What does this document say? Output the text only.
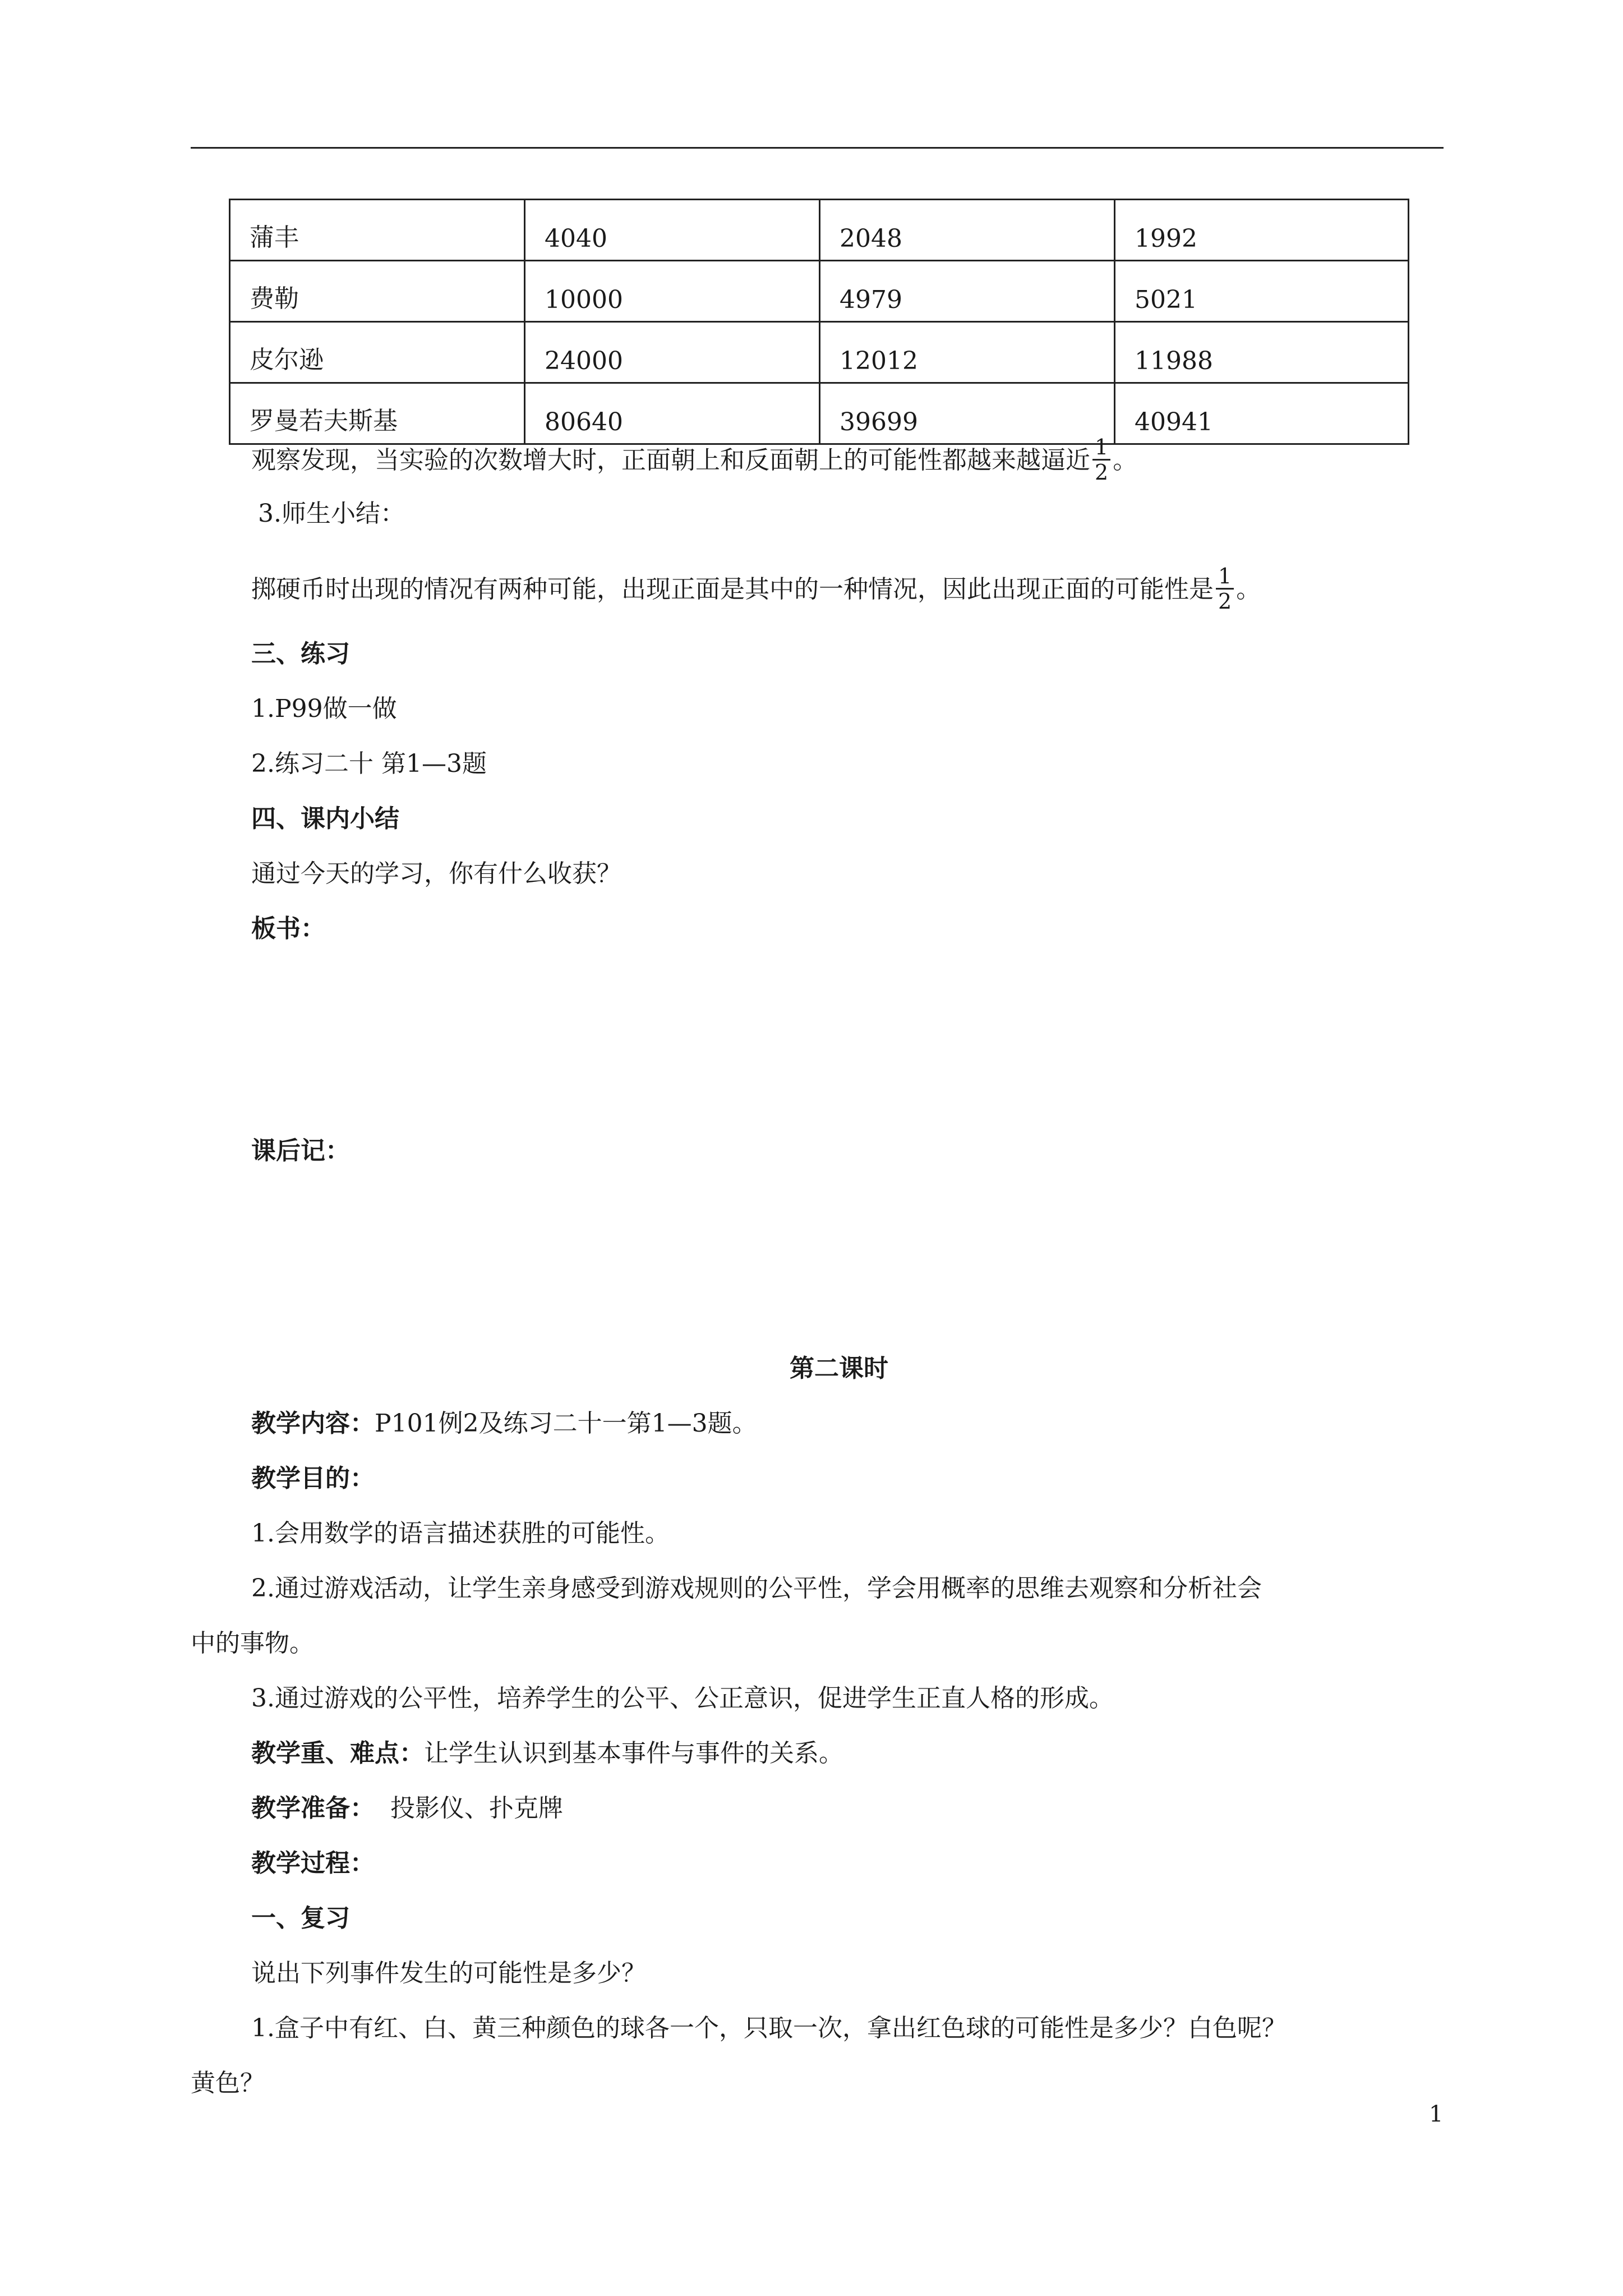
蒲丰	4040	2048	1992
费勒	10000	4979	5021
皮尔逊	24000	12012	11988
罗曼若夫斯基	80640	39699	40941
观察发现，当实验的次数增大时，正面朝上和反面朝上的可能性都越来越逼近 $\frac{1}{2}$ 。
3.师生小结：
掷硬币时出现的情况有两种可能，出现正面是其中的一种情况，因此出现正面的可能性是 $\frac{1}{2}$ 。
三、练习
1.P99做一做
2.练习二十 第1—3题
四、课内小结
通过今天的学习，你有什么收获？
板书：
课后记：
第二课时
教学内容：P101例2及练习二十一第1—3题。
教学目的：
1.会用数学的语言描述获胜的可能性。
2.通过游戏活动，让学生亲身感受到游戏规则的公平性，学会用概率的思维去观察和分析社会
中的事物。
3.通过游戏的公平性，培养学生的公平、公正意识，促进学生正直人格的形成。
教学重、难点：让学生认识到基本事件与事件的关系。
教学准备：  投影仪、扑克牌
教学过程：
一、复习
说出下列事件发生的可能性是多少？
1.盒子中有红、白、黄三种颜色的球各一个，只取一次，拿出红色球的可能性是多少？白色呢？
黄色？
1
